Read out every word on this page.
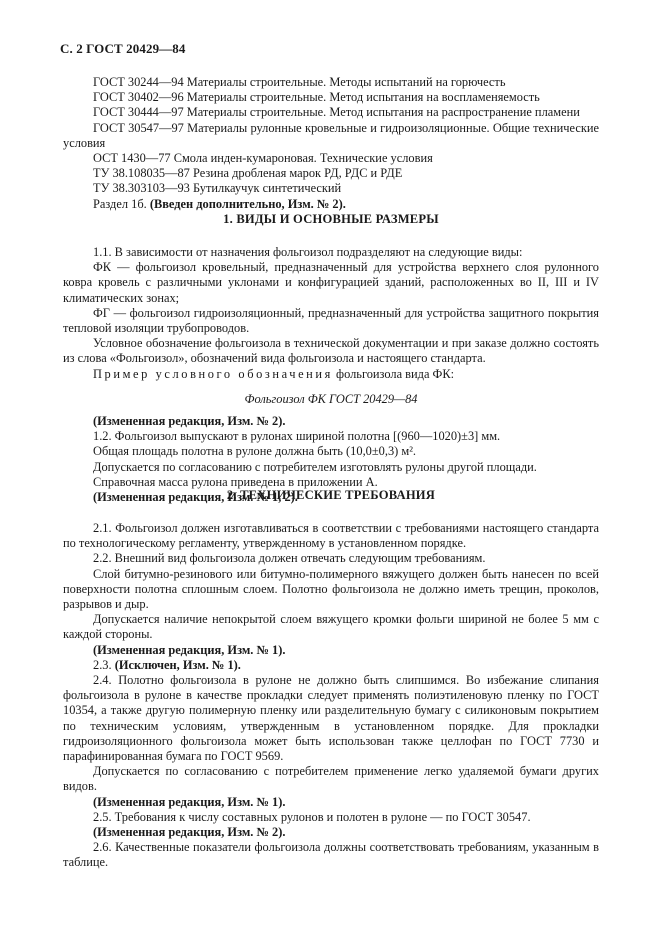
С. 2 ГОСТ 20429—84

ГОСТ 30244—94 Материалы строительные. Методы испытаний на горючесть

ГОСТ 30402—96 Материалы строительные. Метод испытания на воспламеняемость

ГОСТ 30444—97 Материалы строительные. Метод испытания на распространение пламени

ГОСТ 30547—97 Материалы рулонные кровельные и гидроизоляционные. Общие технические условия

ОСТ 1430—77 Смола инден-кумароновая. Технические условия

ТУ 38.108035—87 Резина дробленая марок РД, РДС и РДЕ

ТУ 38.303103—93 Бутилкаучук синтетический

Раздел 1б. (Введен дополнительно, Изм. № 2).

1. ВИДЫ И ОСНОВНЫЕ РАЗМЕРЫ

1.1. В зависимости от назначения фольгоизол подразделяют на следующие виды:

ФК — фольгоизол кровельный, предназначенный для устройства верхнего слоя рулонного ковра кровель с различными уклонами и конфигурацией зданий, расположенных во II, III и IV климатических зонах;

ФГ — фольгоизол гидроизоляционный, предназначенный для устройства защитного покрытия тепловой изоляции трубопроводов.

Условное обозначение фольгоизола в технической документации и при заказе должно состоять из слова «Фольгоизол», обозначений вида фольгоизола и настоящего стандарта.

Пример условного обозначения фольгоизола вида ФК:

Фольгоизол ФК ГОСТ 20429—84

(Измененная редакция, Изм. № 2).

1.2. Фольгоизол выпускают в рулонах шириной полотна [(960—1020)±3] мм.

Общая площадь полотна в рулоне должна быть (10,0±0,3) м².

Допускается по согласованию с потребителем изготовлять рулоны другой площади.

Справочная масса рулона приведена в приложении А.

(Измененная редакция, Изм. № 1, 2).

2. ТЕХНИЧЕСКИЕ ТРЕБОВАНИЯ

2.1. Фольгоизол должен изготавливаться в соответствии с требованиями настоящего стандарта по технологическому регламенту, утвержденному в установленном порядке.

2.2. Внешний вид фольгоизола должен отвечать следующим требованиям.

Слой битумно-резинового или битумно-полимерного вяжущего должен быть нанесен по всей поверхности полотна сплошным слоем. Полотно фольгоизола не должно иметь трещин, проколов, разрывов и дыр.

Допускается наличие непокрытой слоем вяжущего кромки фольги шириной не более 5 мм с каждой стороны.

(Измененная редакция, Изм. № 1).

2.3. (Исключен, Изм. № 1).

2.4. Полотно фольгоизола в рулоне не должно быть слипшимся. Во избежание слипания фольгоизола в рулоне в качестве прокладки следует применять полиэтиленовую пленку по ГОСТ 10354, а также другую полимерную пленку или разделительную бумагу с силиконовым покрытием по техническим условиям, утвержденным в установленном порядке. Для прокладки гидроизоляционного фольгоизола может быть использован также целлофан по ГОСТ 7730 и парафинированная бумага по ГОСТ 9569.

Допускается по согласованию с потребителем применение легко удаляемой бумаги других видов.

(Измененная редакция, Изм. № 1).

2.5. Требования к числу составных рулонов и полотен в рулоне — по ГОСТ 30547.

(Измененная редакция, Изм. № 2).

2.6. Качественные показатели фольгоизола должны соответствовать требованиям, указанным в таблице.
